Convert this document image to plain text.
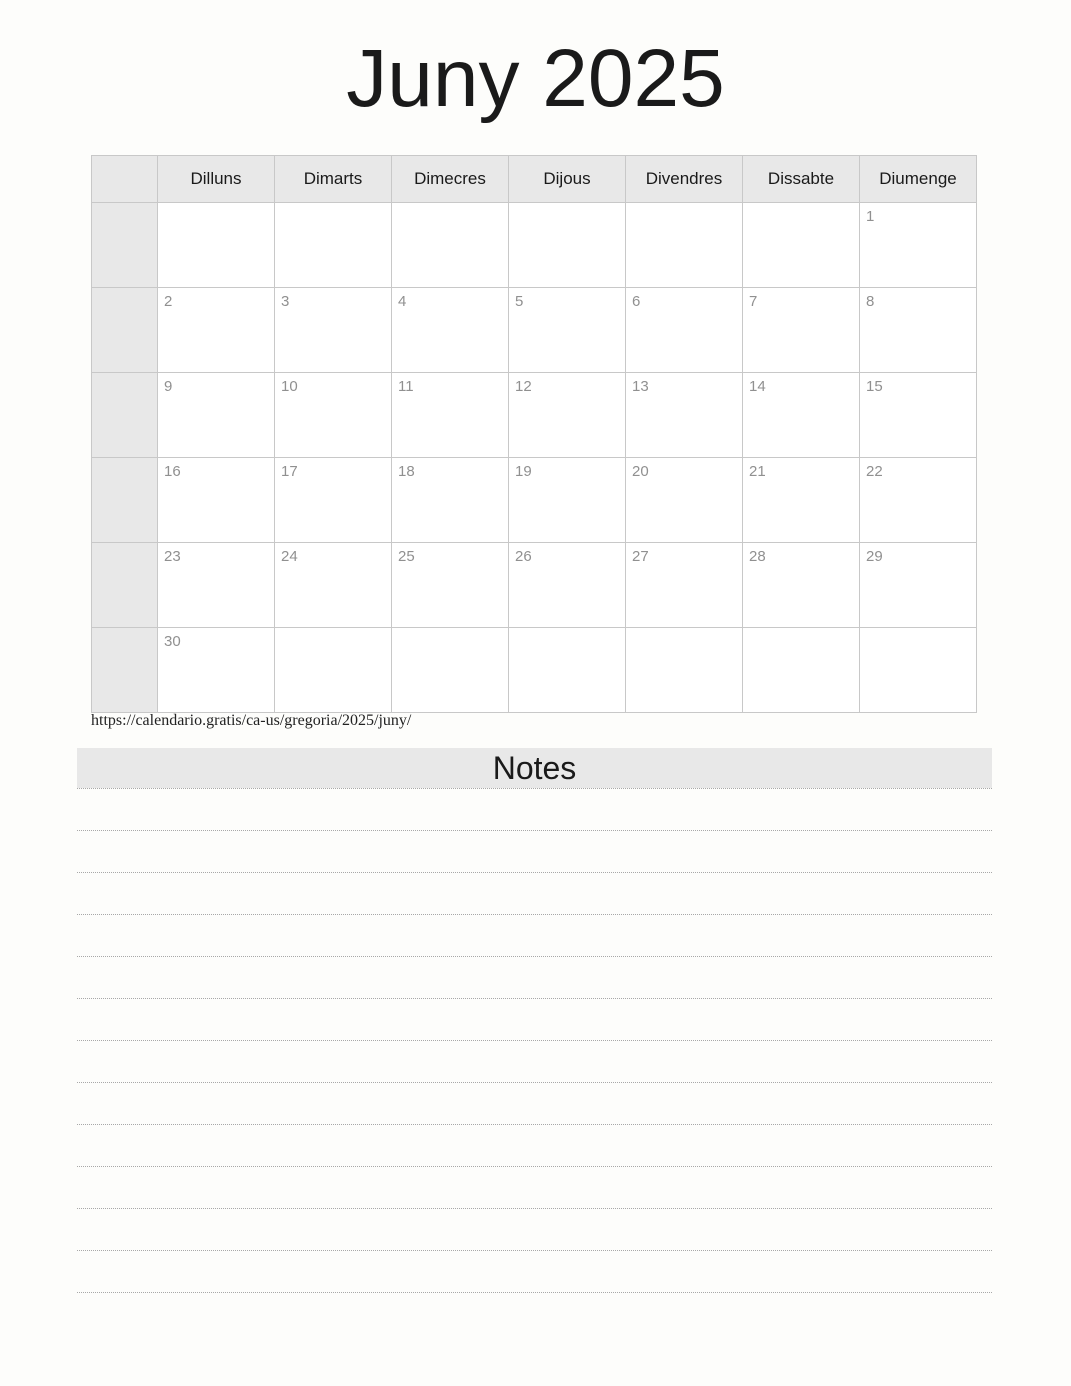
Juny 2025
	Dilluns	Dimarts	Dimecres	Dijous	Divendres	Dissabte	Diumenge

							1

	2	3	4	5	6	7	8

	9	10	11	12	13	14	15

	16	17	18	19	20	21	22

	23	24	25	26	27	28	29

	30						

https://calendario.gratis/ca-us/gregoria/2025/juny/
Notes
